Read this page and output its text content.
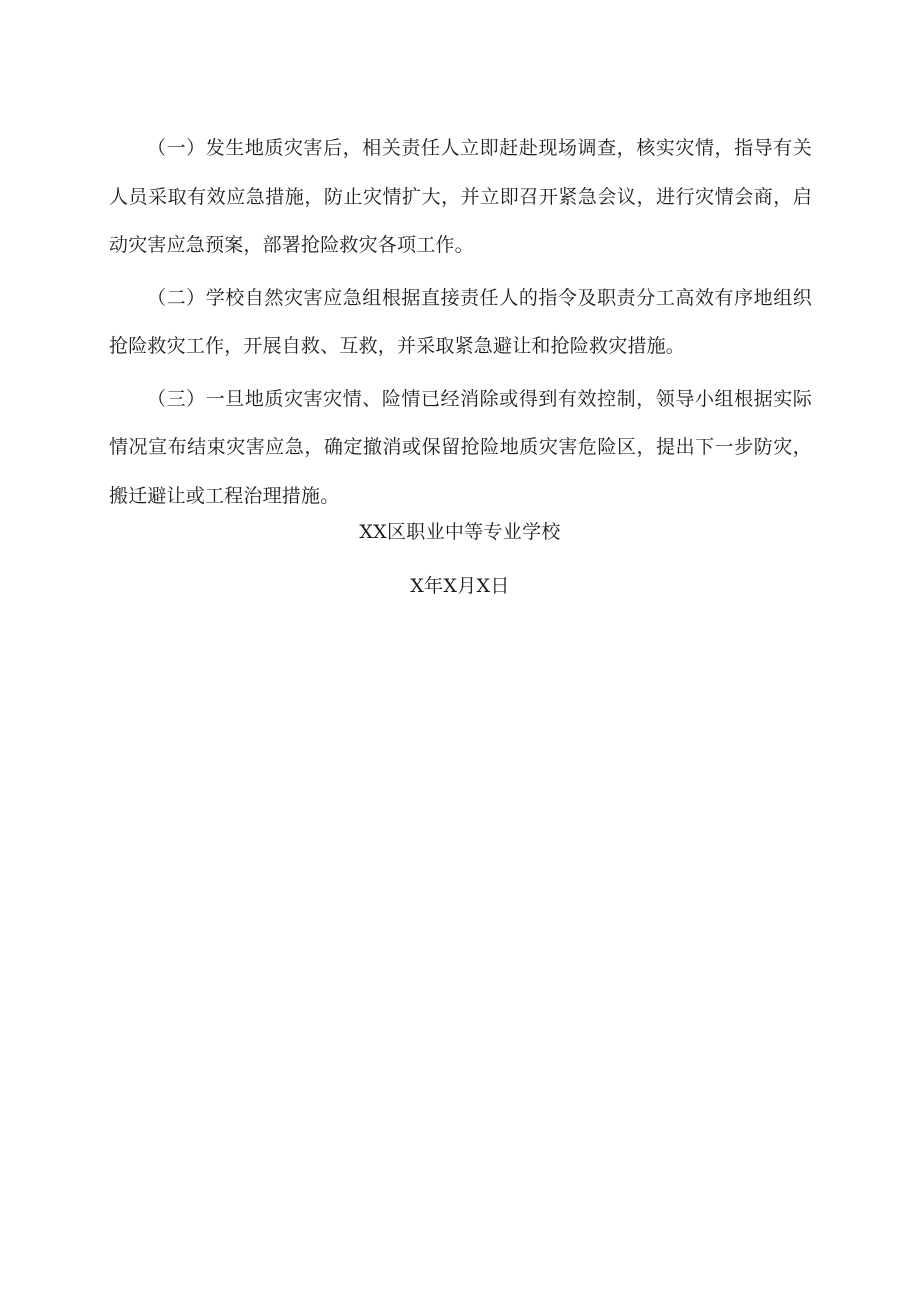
（一）发生地质灾害后，相关责任人立即赶赴现场调查，核实灾情，指导有关人员采取有效应急措施，防止灾情扩大，并立即召开紧急会议，进行灾情会商，启动灾害应急预案，部署抢险救灾各项工作。

（二）学校自然灾害应急组根据直接责任人的指令及职责分工高效有序地组织抢险救灾工作，开展自救、互救，并采取紧急避让和抢险救灾措施。

（三）一旦地质灾害灾情、险情已经消除或得到有效控制，领导小组根据实际情况宣布结束灾害应急，确定撤消或保留抢险地质灾害危险区，提出下一步防灾，搬迁避让或工程治理措施。

XX区职业中等专业学校
X年X月X日
